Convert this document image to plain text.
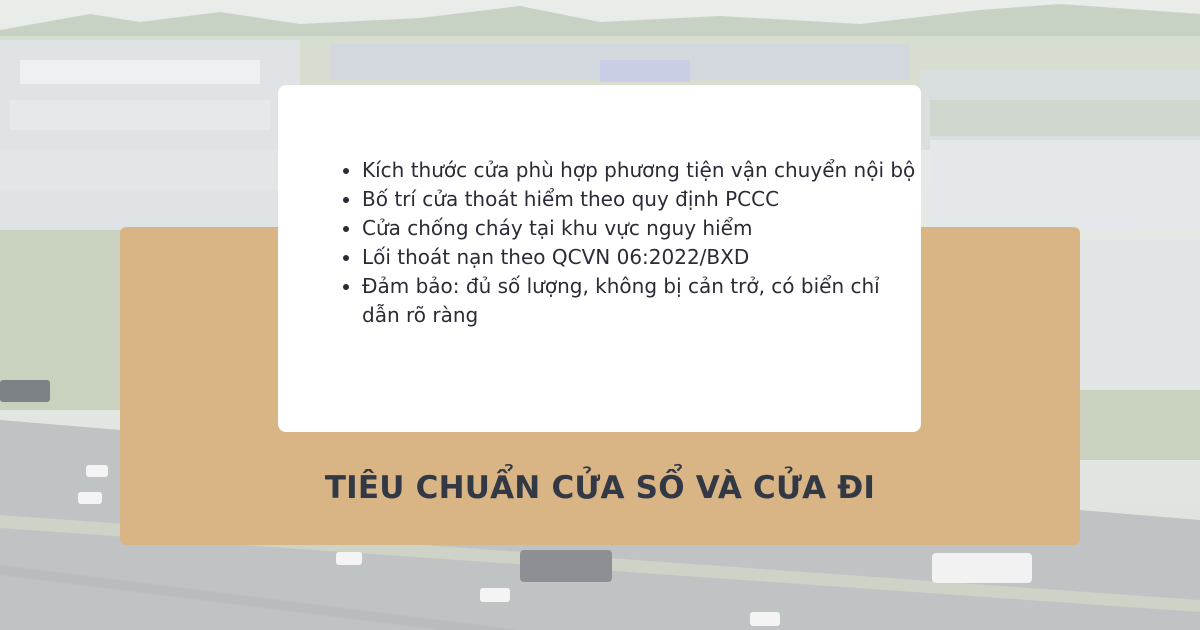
• Kích thước cửa phù hợp phương tiện vận chuyển nội bộ
• Bố trí cửa thoát hiểm theo quy định PCCC
• Cửa chống cháy tại khu vực nguy hiểm
• Lối thoát nạn theo QCVN 06:2022/BXD
• Đảm bảo: đủ số lượng, không bị cản trở, có biển chỉ dẫn rõ ràng
TIÊU CHUẨN CỬA SỔ VÀ CỬA ĐI
